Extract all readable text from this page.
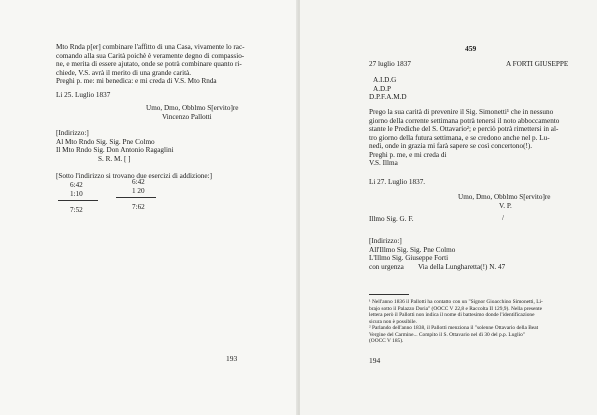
Mto Rnda p[er] combinare l'affitto di una Casa, vivamente lo rac-
comando alla sua Carità poichè è veramente degno di compassio-
ne, e merita di essere ajutato, onde se potrà combinare quanto ri-
chiede, V.S. avrà il merito di una grande carità.
Preghi p. me: mi benedica: e mi creda di V.S. Mto Rnda
Li 25. Luglio 1837
Umo, Dmo, Obblmo S[ervito]re
Vincenzo Pallotti
[Indirizzo:]
Al Mto Rndo Sig. Sig. Pne Colmo
Il Mto Rndo Sig. Don Antonio Ragaglini
S. R. M. [ ]
[Sotto l'indirizzo si trovano due esercizi di addizione:]
6:42
1:10
7:52
6:42
1 20
7:62
193
459
27 luglio 1837	A FORTI GIUSEPPE
A.I.D.G
A.D.P
D.P.F.A.M.D
Prego la sua carità di prevenire il Sig. Simonetti¹ che in nessuno
giorno della corrente settimana potrà tenersi il noto abboccamento
stante le Prediche del S. Ottavario²; e perciò potrà rimettersi in al-
tro giorno della futura settimana, e se credono anche nel p. Lu-
nedì, onde in grazia mi farà sapere se così concertono(!).
Preghi p. me, e mi creda di
V.S. Illma
Li 27. Luglio 1837.
Umo, Dmo, Obblmo S[ervito]re
V. P.
Illmo Sig. G. F.	/
[Indirizzo:]
All'Illmo Sig. Sig. Pne Colmo
L'Illmo Sig. Giuseppe Forti
con urgenza Via della Lungharetta(!) N. 47
¹ Nell'anno 1836 il Pallotti ha contatto con un "Signor Gioacchino Simonetti, Li-
brajo sotto il Palazzo Doria" (OOCC V 22,8 e Raccolta II 129,9). Nella presente
lettera però il Pallotti non indica il nome di battesimo donde l'identificazione
sicura non è possibile.
² Parlando dell'anno 1838, il Pallotti menziona il "solenne Ottavario della Beat
Vergine del Carmine... Compito il S. Ottavario nel dì 30 del p.p. Luglio"
(OOCC V 185).
194
